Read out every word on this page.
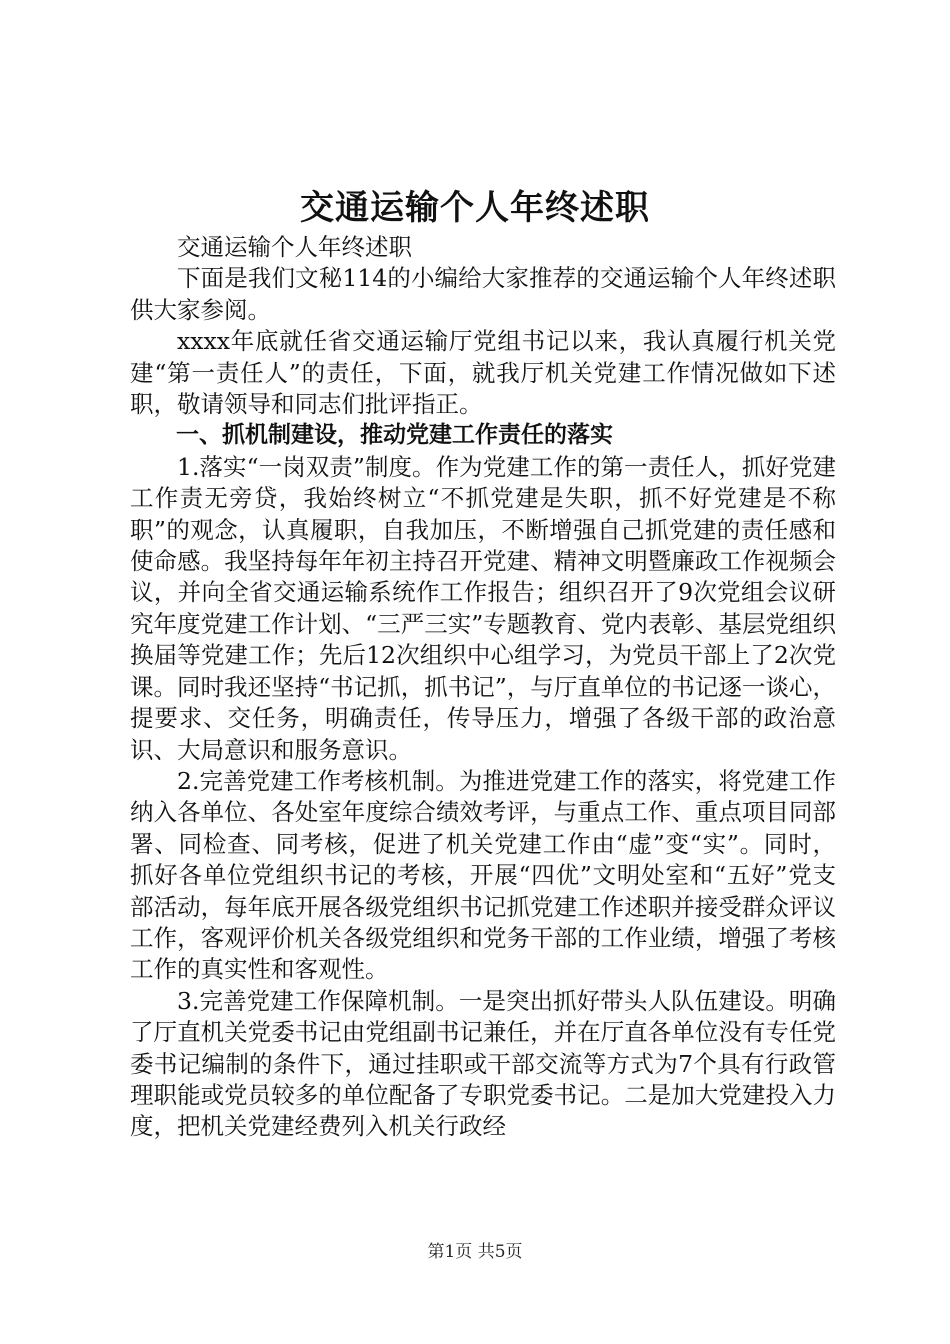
交通运输个人年终述职

交通运输个人年终述职

下面是我们文秘114的小编给大家推荐的交通运输个人年终述职供大家参阅。

xxxx年底就任省交通运输厅党组书记以来，我认真履行机关党建“第一责任人”的责任，下面，就我厅机关党建工作情况做如下述职，敬请领导和同志们批评指正。

一、抓机制建设，推动党建工作责任的落实

1.落实“一岗双责”制度。作为党建工作的第一责任人，抓好党建工作责无旁贷，我始终树立“不抓党建是失职，抓不好党建是不称职”的观念，认真履职，自我加压，不断增强自己抓党建的责任感和使命感。我坚持每年年初主持召开党建、精神文明暨廉政工作视频会议，并向全省交通运输系统作工作报告；组织召开了9次党组会议研究年度党建工作计划、“三严三实”专题教育、党内表彰、基层党组织换届等党建工作；先后12次组织中心组学习，为党员干部上了2次党课。同时我还坚持“书记抓，抓书记”，与厅直单位的书记逐一谈心，提要求、交任务，明确责任，传导压力，增强了各级干部的政治意识、大局意识和服务意识。

2.完善党建工作考核机制。为推进党建工作的落实，将党建工作纳入各单位、各处室年度综合绩效考评，与重点工作、重点项目同部署、同检查、同考核，促进了机关党建工作由“虚”变“实”。同时，抓好各单位党组织书记的考核，开展“四优”文明处室和“五好”党支部活动，每年底开展各级党组织书记抓党建工作述职并接受群众评议工作，客观评价机关各级党组织和党务干部的工作业绩，增强了考核工作的真实性和客观性。

3.完善党建工作保障机制。一是突出抓好带头人队伍建设。明确了厅直机关党委书记由党组副书记兼任，并在厅直各单位没有专任党委书记编制的条件下，通过挂职或干部交流等方式为7个具有行政管理职能或党员较多的单位配备了专职党委书记。二是加大党建投入力度，把机关党建经费列入机关行政经

第1页 共5页
